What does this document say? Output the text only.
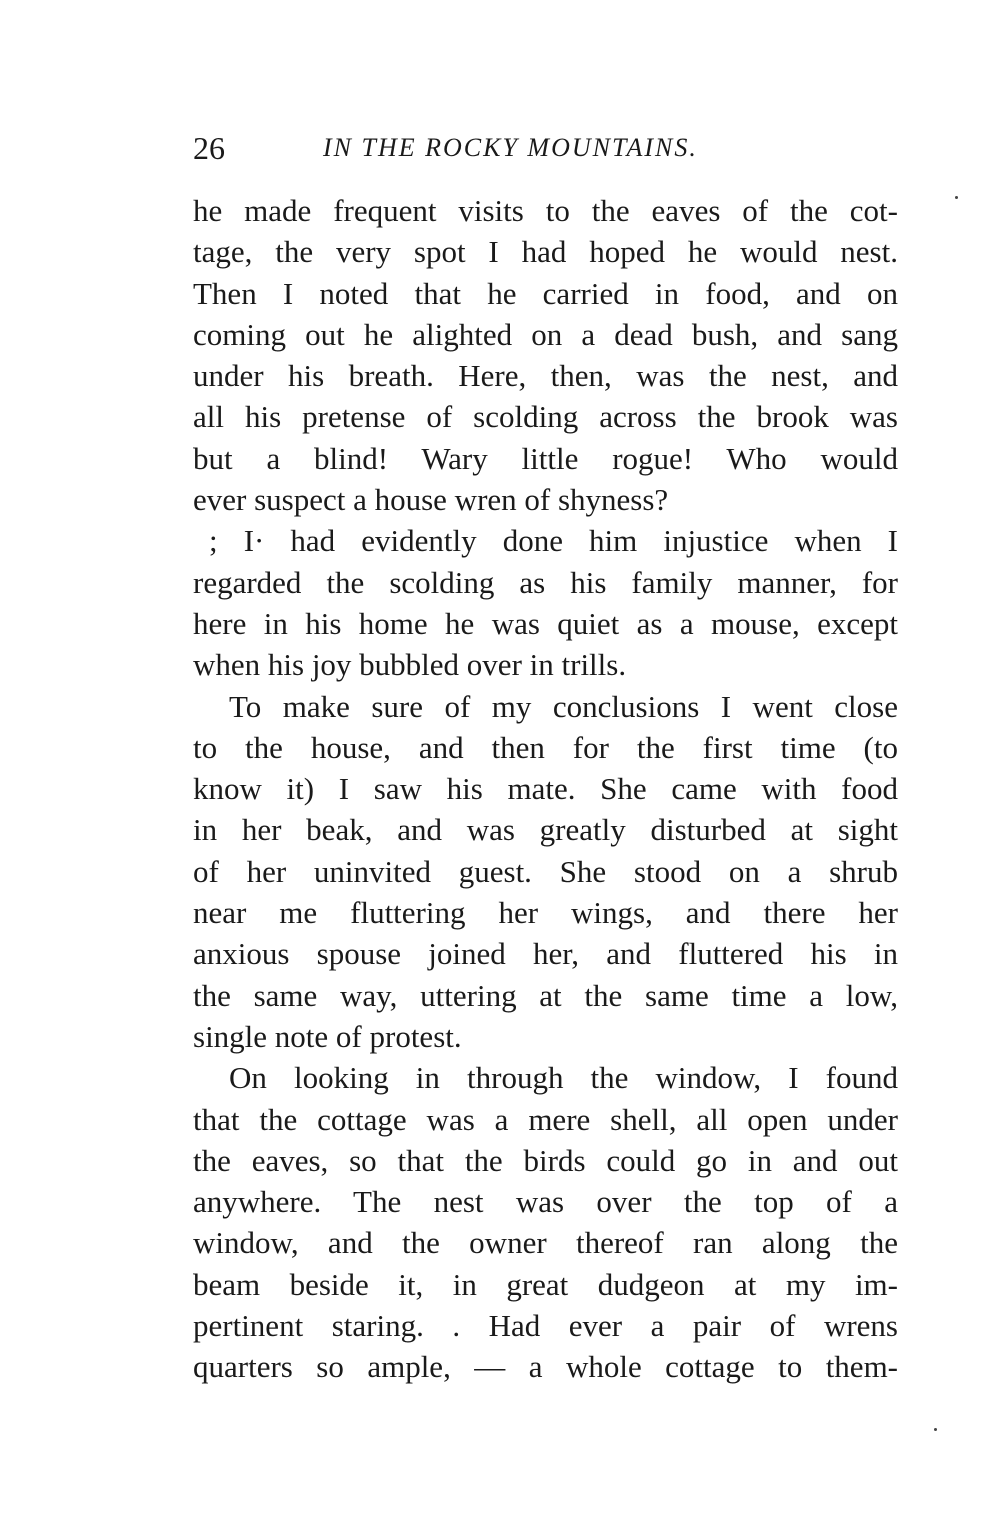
26	IN THE ROCKY MOUNTAINS.
he made frequent visits to the eaves of the cot-
tage, the very spot I had hoped he would nest.
Then I noted that he carried in food, and on
coming out he alighted on a dead bush, and sang
under his breath. Here, then, was the nest, and
all his pretense of scolding across the brook was
but a blind! Wary little rogue! Who would
ever suspect a house wren of shyness?
; I· had evidently done him injustice when I
regarded the scolding as his family manner, for
here in his home he was quiet as a mouse, except
when his joy bubbled over in trills.
To make sure of my conclusions I went close
to the house, and then for the first time (to
know it) I saw his mate. She came with food
in her beak, and was greatly disturbed at sight
of her uninvited guest. She stood on a shrub
near me fluttering her wings, and there her
anxious spouse joined her, and fluttered his in
the same way, uttering at the same time a low,
single note of protest.
On looking in through the window, I found
that the cottage was a mere shell, all open under
the eaves, so that the birds could go in and out
anywhere. The nest was over the top of a
window, and the owner thereof ran along the
beam beside it, in great dudgeon at my im-
pertinent staring. . Had ever a pair of wrens
quarters so ample, — a whole cottage to them-
